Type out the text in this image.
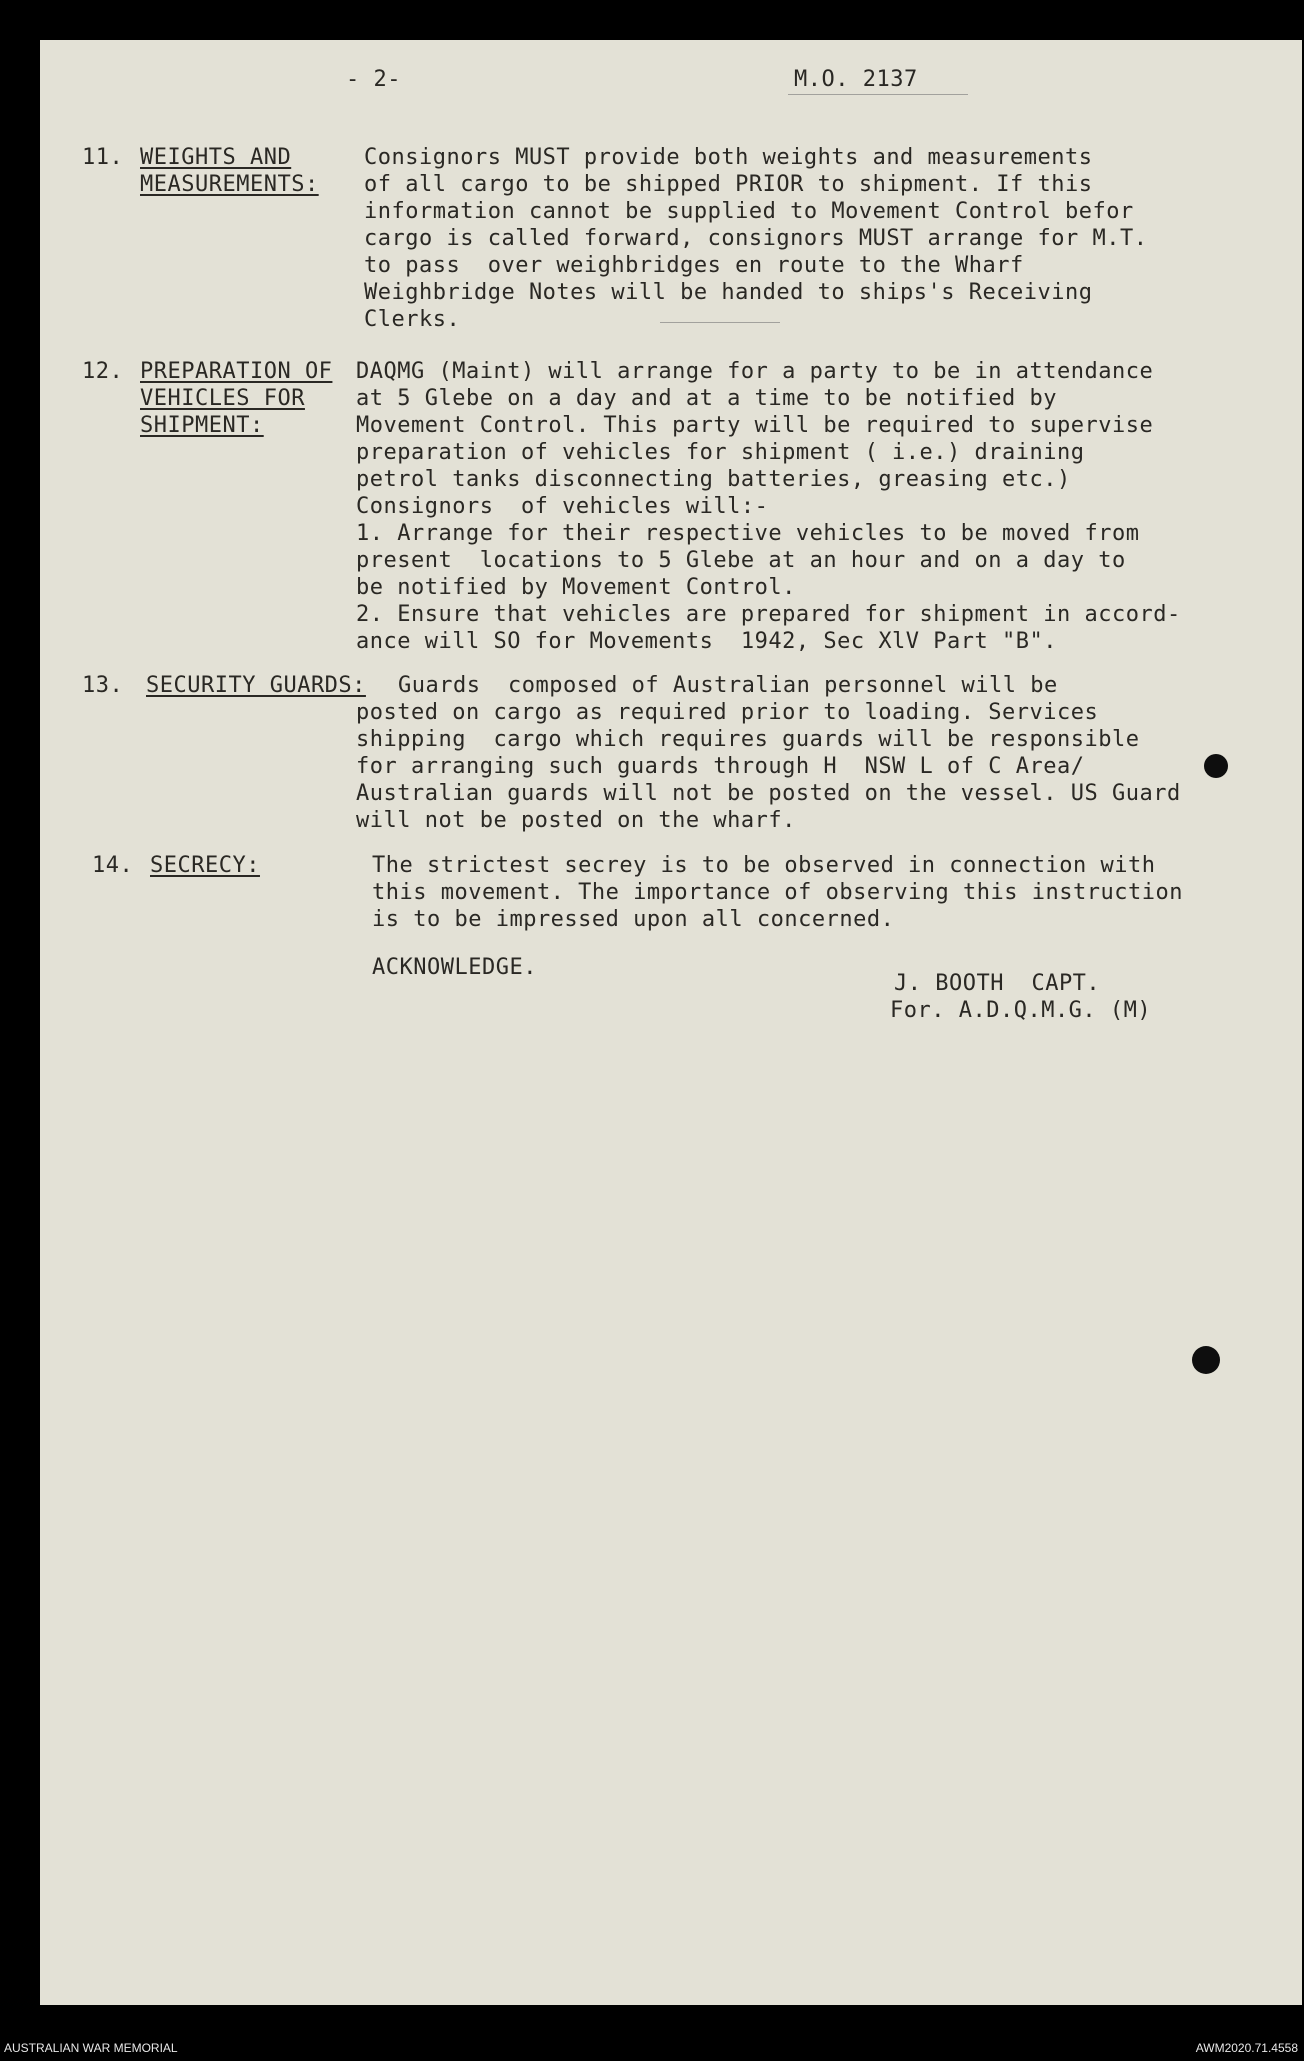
- 2-	M.O. 2137
11. WEIGHTS AND
MEASUREMENTS:
Consignors MUST provide both weights and measurements
of all cargo to be shipped PRIOR to shipment. If this
information cannot be supplied to Movement Control befor
cargo is called forward, consignors MUST arrange for M.T.
to pass  over weighbridges en route to the Wharf
Weighbridge Notes will be handed to ships's Receiving
Clerks.
12. PREPARATION OF
VEHICLES FOR
SHIPMENT:
DAQMG (Maint) will arrange for a party to be in attendance
at 5 Glebe on a day and at a time to be notified by
Movement Control. This party will be required to supervise
preparation of vehicles for shipment ( i.e.) draining
petrol tanks disconnecting batteries, greasing etc.)
Consignors  of vehicles will:-
1. Arrange for their respective vehicles to be moved from
present  locations to 5 Glebe at an hour and on a day to
be notified by Movement Control.
2. Ensure that vehicles are prepared for shipment in accord-
ance will SO for Movements  1942, Sec XlV Part "B".
13. SECURITY GUARDS: Guards  composed of Australian personnel will be
posted on cargo as required prior to loading. Services
shipping  cargo which requires guards will be responsible
for arranging such guards through H  NSW L of C Area/
Australian guards will not be posted on the vessel. US Guard
will not be posted on the wharf.
14. SECRECY:	The strictest secrey is to be observed in connection with
this movement. The importance of observing this instruction
is to be impressed upon all concerned.
ACKNOWLEDGE.
J. BOOTH  CAPT.
For. A.D.Q.M.G. (M)
AUSTRALIAN WAR MEMORIAL	AWM2020.71.4558
